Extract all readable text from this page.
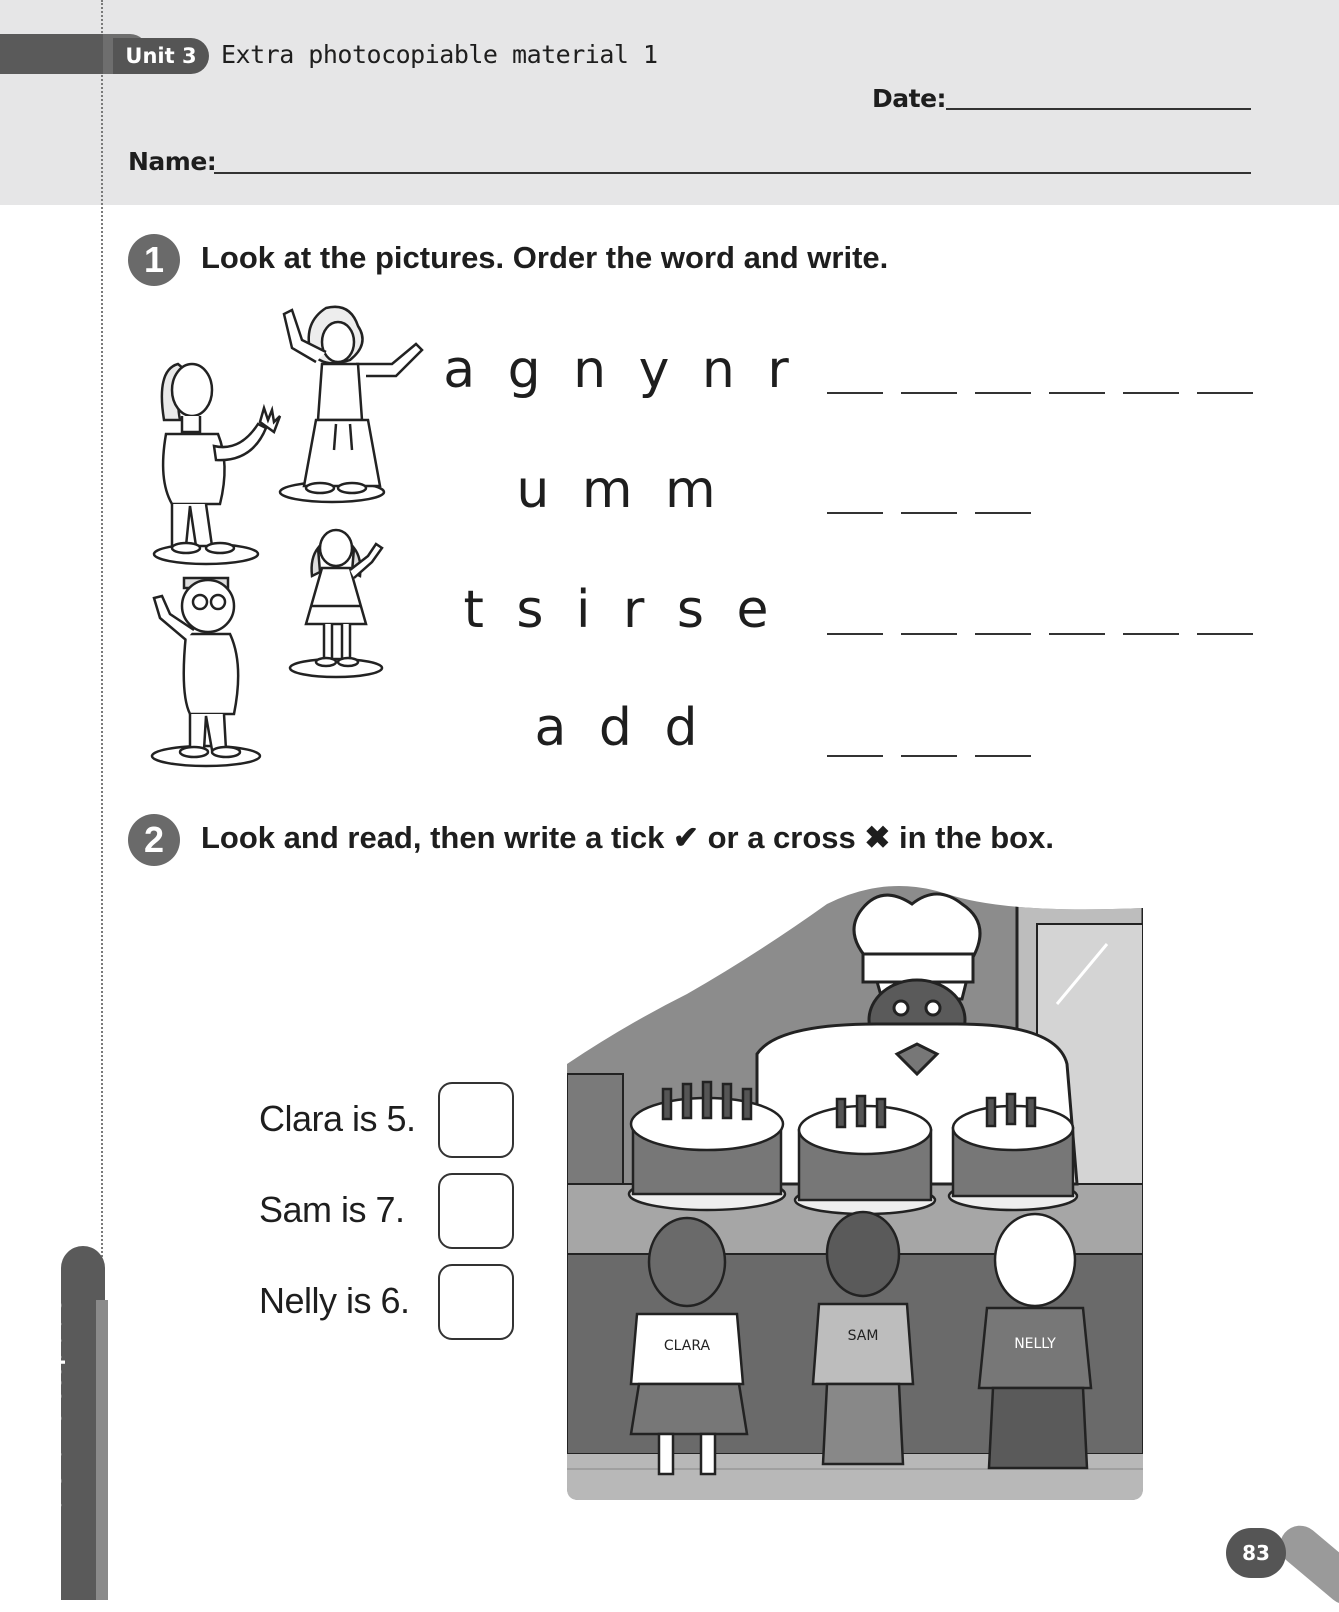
Unit 3 Extra photocopiable material 1
Date:
Name:
1	Look at the pictures. Order the word and write.
a g n y n r
u m m
t s i r s e
a d d
2	Look and read, then write a tick ✔ or a cross ✖ in the box.
Clara is 5.
Sam is 7.
Nelly is 6.
CLARA
SAM	NELLY
Material fotocopiable
83
